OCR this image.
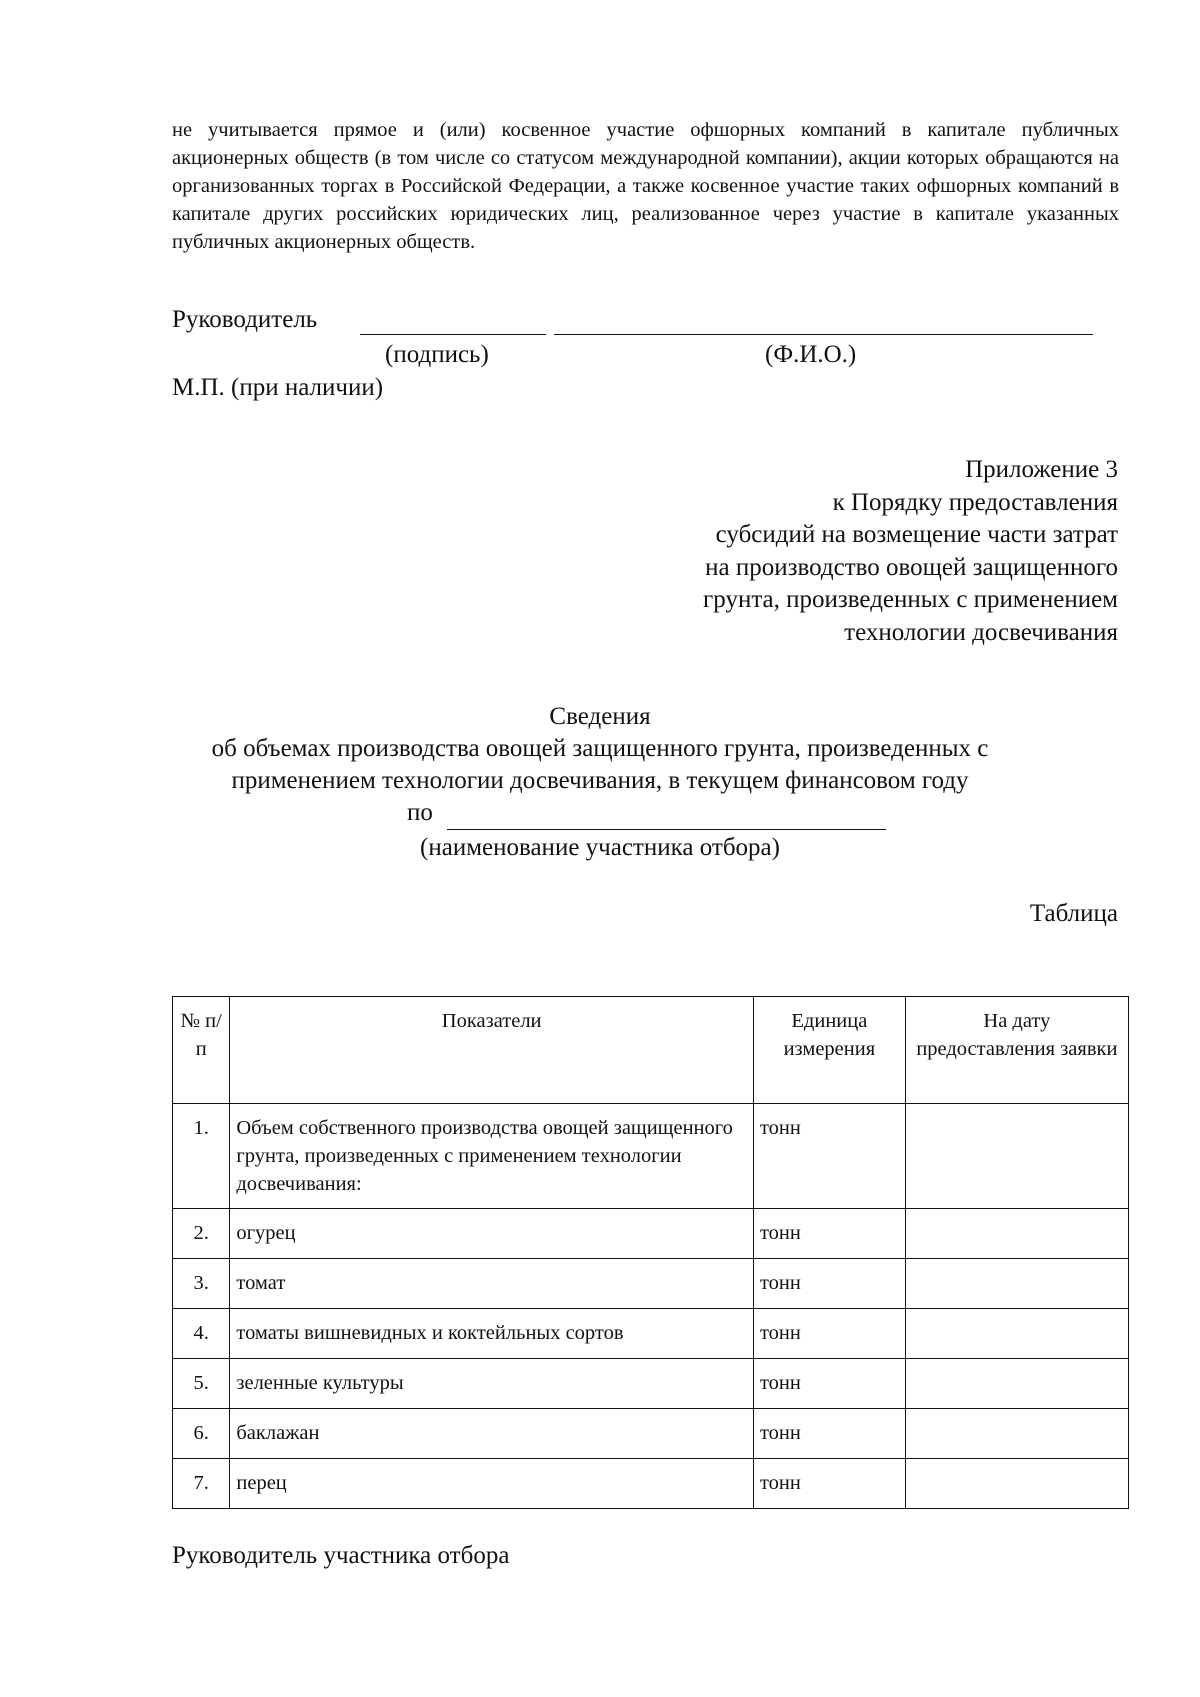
не учитывается прямое и (или) косвенное участие офшорных компаний в капитале публичных акционерных обществ (в том числе со статусом международной компании), акции которых обращаются на организованных торгах в Российской Федерации, а также косвенное участие таких офшорных компаний в капитале других российских юридических лиц, реализованное через участие в капитале указанных публичных акционерных обществ.
Руководитель
(подпись)	(Ф.И.О.)
М.П. (при наличии)
Приложение 3
к Порядку предоставления
субсидий на возмещение части затрат
на производство овощей защищенного
грунта, произведенных с применением
технологии досвечивания
Сведения
об объемах производства овощей защищенного грунта, произведенных с
применением технологии досвечивания, в текущем финансовом году
по
(наименование участника отбора)
Таблица
№ п/п	Показатели	Единица измерения	На дату предоставления заявки
1.	Объем собственного производства овощей защищенного грунта, произведенных с применением технологии досвечивания:	тонн	
2.	огурец	тонн	
3.	томат	тонн	
4.	томаты вишневидных и коктейльных сортов	тонн	
5.	зеленные культуры	тонн	
6.	баклажан	тонн	
7.	перец	тонн	
Руководитель участника отбора
